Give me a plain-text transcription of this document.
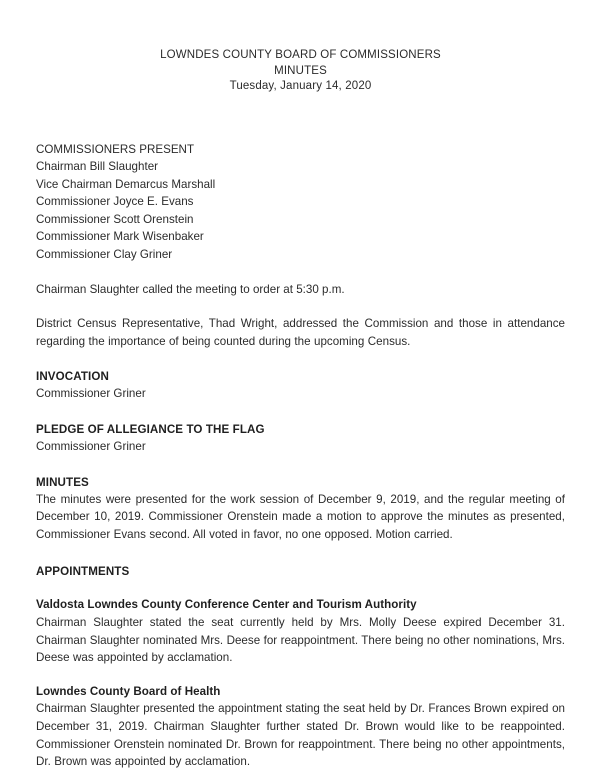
LOWNDES COUNTY BOARD OF COMMISSIONERS
MINUTES
Tuesday, January 14, 2020
COMMISSIONERS PRESENT
Chairman Bill Slaughter
Vice Chairman Demarcus Marshall
Commissioner Joyce E. Evans
Commissioner Scott Orenstein
Commissioner Mark Wisenbaker
Commissioner Clay Griner
Chairman Slaughter called the meeting to order at 5:30 p.m.
District Census Representative, Thad Wright, addressed the Commission and those in attendance regarding the importance of being counted during the upcoming Census.
INVOCATION
Commissioner Griner
PLEDGE OF ALLEGIANCE TO THE FLAG
Commissioner Griner
MINUTES
The minutes were presented for the work session of December 9, 2019, and the regular meeting of December 10, 2019. Commissioner Orenstein made a motion to approve the minutes as presented, Commissioner Evans second. All voted in favor, no one opposed. Motion carried.
APPOINTMENTS
Valdosta Lowndes County Conference Center and Tourism Authority
Chairman Slaughter stated the seat currently held by Mrs. Molly Deese expired December 31. Chairman Slaughter nominated Mrs. Deese for reappointment. There being no other nominations, Mrs. Deese was appointed by acclamation.
Lowndes County Board of Health
Chairman Slaughter presented the appointment stating the seat held by Dr. Frances Brown expired on December 31, 2019. Chairman Slaughter further stated Dr. Brown would like to be reappointed. Commissioner Orenstein nominated Dr. Brown for reappointment. There being no other appointments, Dr. Brown was appointed by acclamation.
